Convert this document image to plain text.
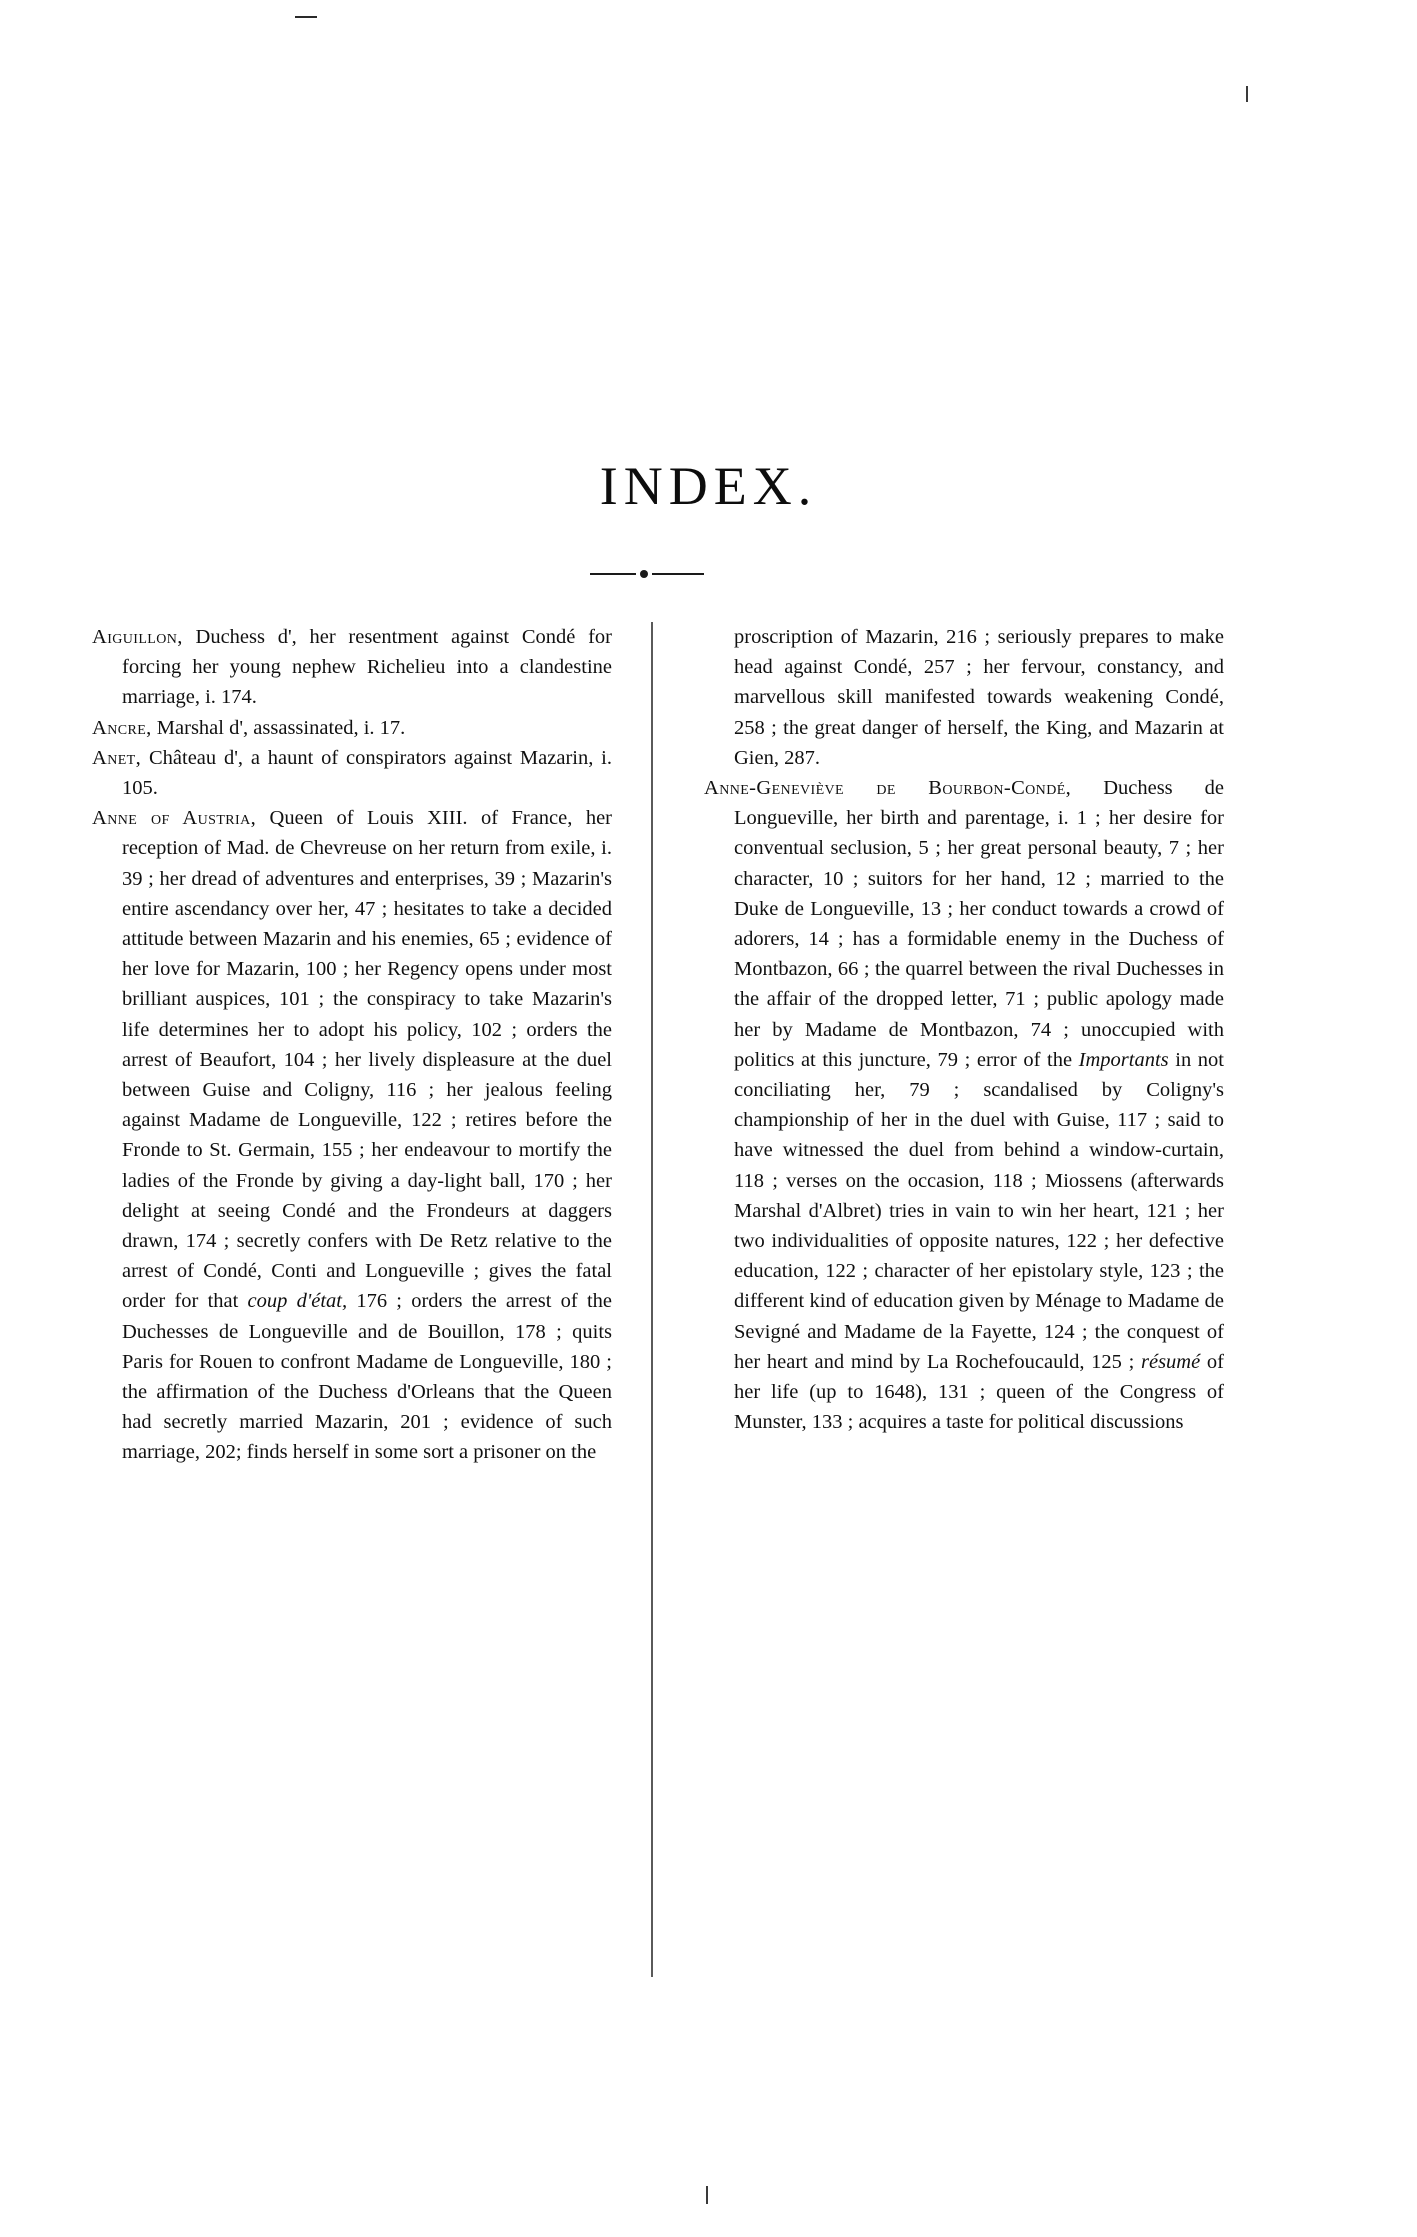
INDEX.

Aiguillon, Duchess d', her resentment against Condé for forcing her young nephew Richelieu into a clandestine marriage, i. 174.

Ancre, Marshal d', assassinated, i. 17.

Anet, Château d', a haunt of conspirators against Mazarin, i. 105.

Anne of Austria, Queen of Louis XIII. of France, her reception of Mad. de Chevreuse on her return from exile, i. 39 ; her dread of adventures and enterprises, 39 ; Mazarin's entire ascendancy over her, 47 ; hesitates to take a decided attitude between Mazarin and his enemies, 65 ; evidence of her love for Mazarin, 100 ; her Regency opens under most brilliant auspices, 101 ; the conspiracy to take Mazarin's life determines her to adopt his policy, 102 ; orders the arrest of Beaufort, 104 ; her lively displeasure at the duel between Guise and Coligny, 116 ; her jealous feeling against Madame de Longueville, 122 ; retires before the Fronde to St. Germain, 155 ; her endeavour to mortify the ladies of the Fronde by giving a day-light ball, 170 ; her delight at seeing Condé and the Frondeurs at daggers drawn, 174 ; secretly confers with De Retz relative to the arrest of Condé, Conti and Longueville ; gives the fatal order for that coup d'état, 176 ; orders the arrest of the Duchesses de Longueville and de Bouillon, 178 ; quits Paris for Rouen to confront Madame de Longueville, 180 ; the affirmation of the Duchess d'Orleans that the Queen had secretly married Mazarin, 201 ; evidence of such marriage, 202; finds herself in some sort a prisoner on the

proscription of Mazarin, 216 ; seriously prepares to make head against Condé, 257 ; her fervour, constancy, and marvellous skill manifested towards weakening Condé, 258 ; the great danger of herself, the King, and Mazarin at Gien, 287.

Anne-Geneviève de Bourbon-Condé, Duchess de Longueville, her birth and parentage, i. 1 ; her desire for conventual seclusion, 5 ; her great personal beauty, 7 ; her character, 10 ; suitors for her hand, 12 ; married to the Duke de Longueville, 13 ; her conduct towards a crowd of adorers, 14 ; has a formidable enemy in the Duchess of Montbazon, 66 ; the quarrel between the rival Duchesses in the affair of the dropped letter, 71 ; public apology made her by Madame de Montbazon, 74 ; unoccupied with politics at this juncture, 79 ; error of the Importants in not conciliating her, 79 ; scandalised by Coligny's championship of her in the duel with Guise, 117 ; said to have witnessed the duel from behind a window-curtain, 118 ; verses on the occasion, 118 ; Miossens (afterwards Marshal d'Albret) tries in vain to win her heart, 121 ; her two individualities of opposite natures, 122 ; her defective education, 122 ; character of her epistolary style, 123 ; the different kind of education given by Ménage to Madame de Sevigné and Madame de la Fayette, 124 ; the conquest of her heart and mind by La Rochefoucauld, 125 ; résumé of her life (up to 1648), 131 ; queen of the Congress of Munster, 133 ; acquires a taste for political discussions
